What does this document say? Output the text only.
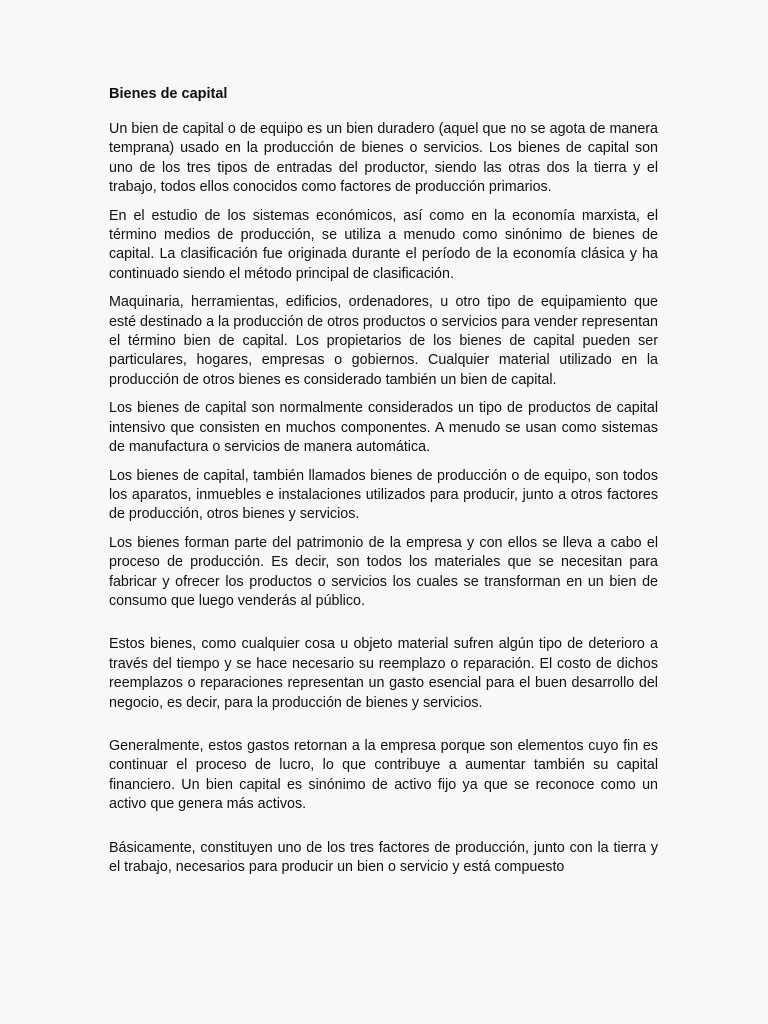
Bienes de capital

Un bien de capital o de equipo es un bien duradero (aquel que no se agota de manera temprana) usado en la producción de bienes o servicios. Los bienes de capital son uno de los tres tipos de entradas del productor, siendo las otras dos la tierra y el trabajo, todos ellos conocidos como factores de producción primarios.

En el estudio de los sistemas económicos, así como en la economía marxista, el término medios de producción, se utiliza a menudo como sinónimo de bienes de capital. La clasificación fue originada durante el período de la economía clásica y ha continuado siendo el método principal de clasificación.

Maquinaria, herramientas, edificios, ordenadores, u otro tipo de equipamiento que esté destinado a la producción de otros productos o servicios para vender representan el término bien de capital. Los propietarios de los bienes de capital pueden ser particulares, hogares, empresas o gobiernos. Cualquier material utilizado en la producción de otros bienes es considerado también un bien de capital.

Los bienes de capital son normalmente considerados un tipo de productos de capital intensivo que consisten en muchos componentes. A menudo se usan como sistemas de manufactura o servicios de manera automática.

Los bienes de capital, también llamados bienes de producción o de equipo, son todos los aparatos, inmuebles e instalaciones utilizados para producir, junto a otros factores de producción, otros bienes y servicios.

Los bienes forman parte del patrimonio de la empresa y con ellos se lleva a cabo el proceso de producción. Es decir, son todos los materiales que se necesitan para fabricar y ofrecer los productos o servicios los cuales se transforman en un bien de consumo que luego venderás al público.

Estos bienes, como cualquier cosa u objeto material sufren algún tipo de deterioro a través del tiempo y se hace necesario su reemplazo o reparación. El costo de dichos reemplazos o reparaciones representan un gasto esencial para el buen desarrollo del negocio, es decir, para la producción de bienes y servicios.

Generalmente, estos gastos retornan a la empresa porque son elementos cuyo fin es continuar el proceso de lucro, lo que contribuye a aumentar también su capital financiero. Un bien capital es sinónimo de activo fijo ya que se reconoce como un activo que genera más activos.

Básicamente, constituyen uno de los tres factores de producción, junto con la tierra y el trabajo, necesarios para producir un bien o servicio y está compuesto
